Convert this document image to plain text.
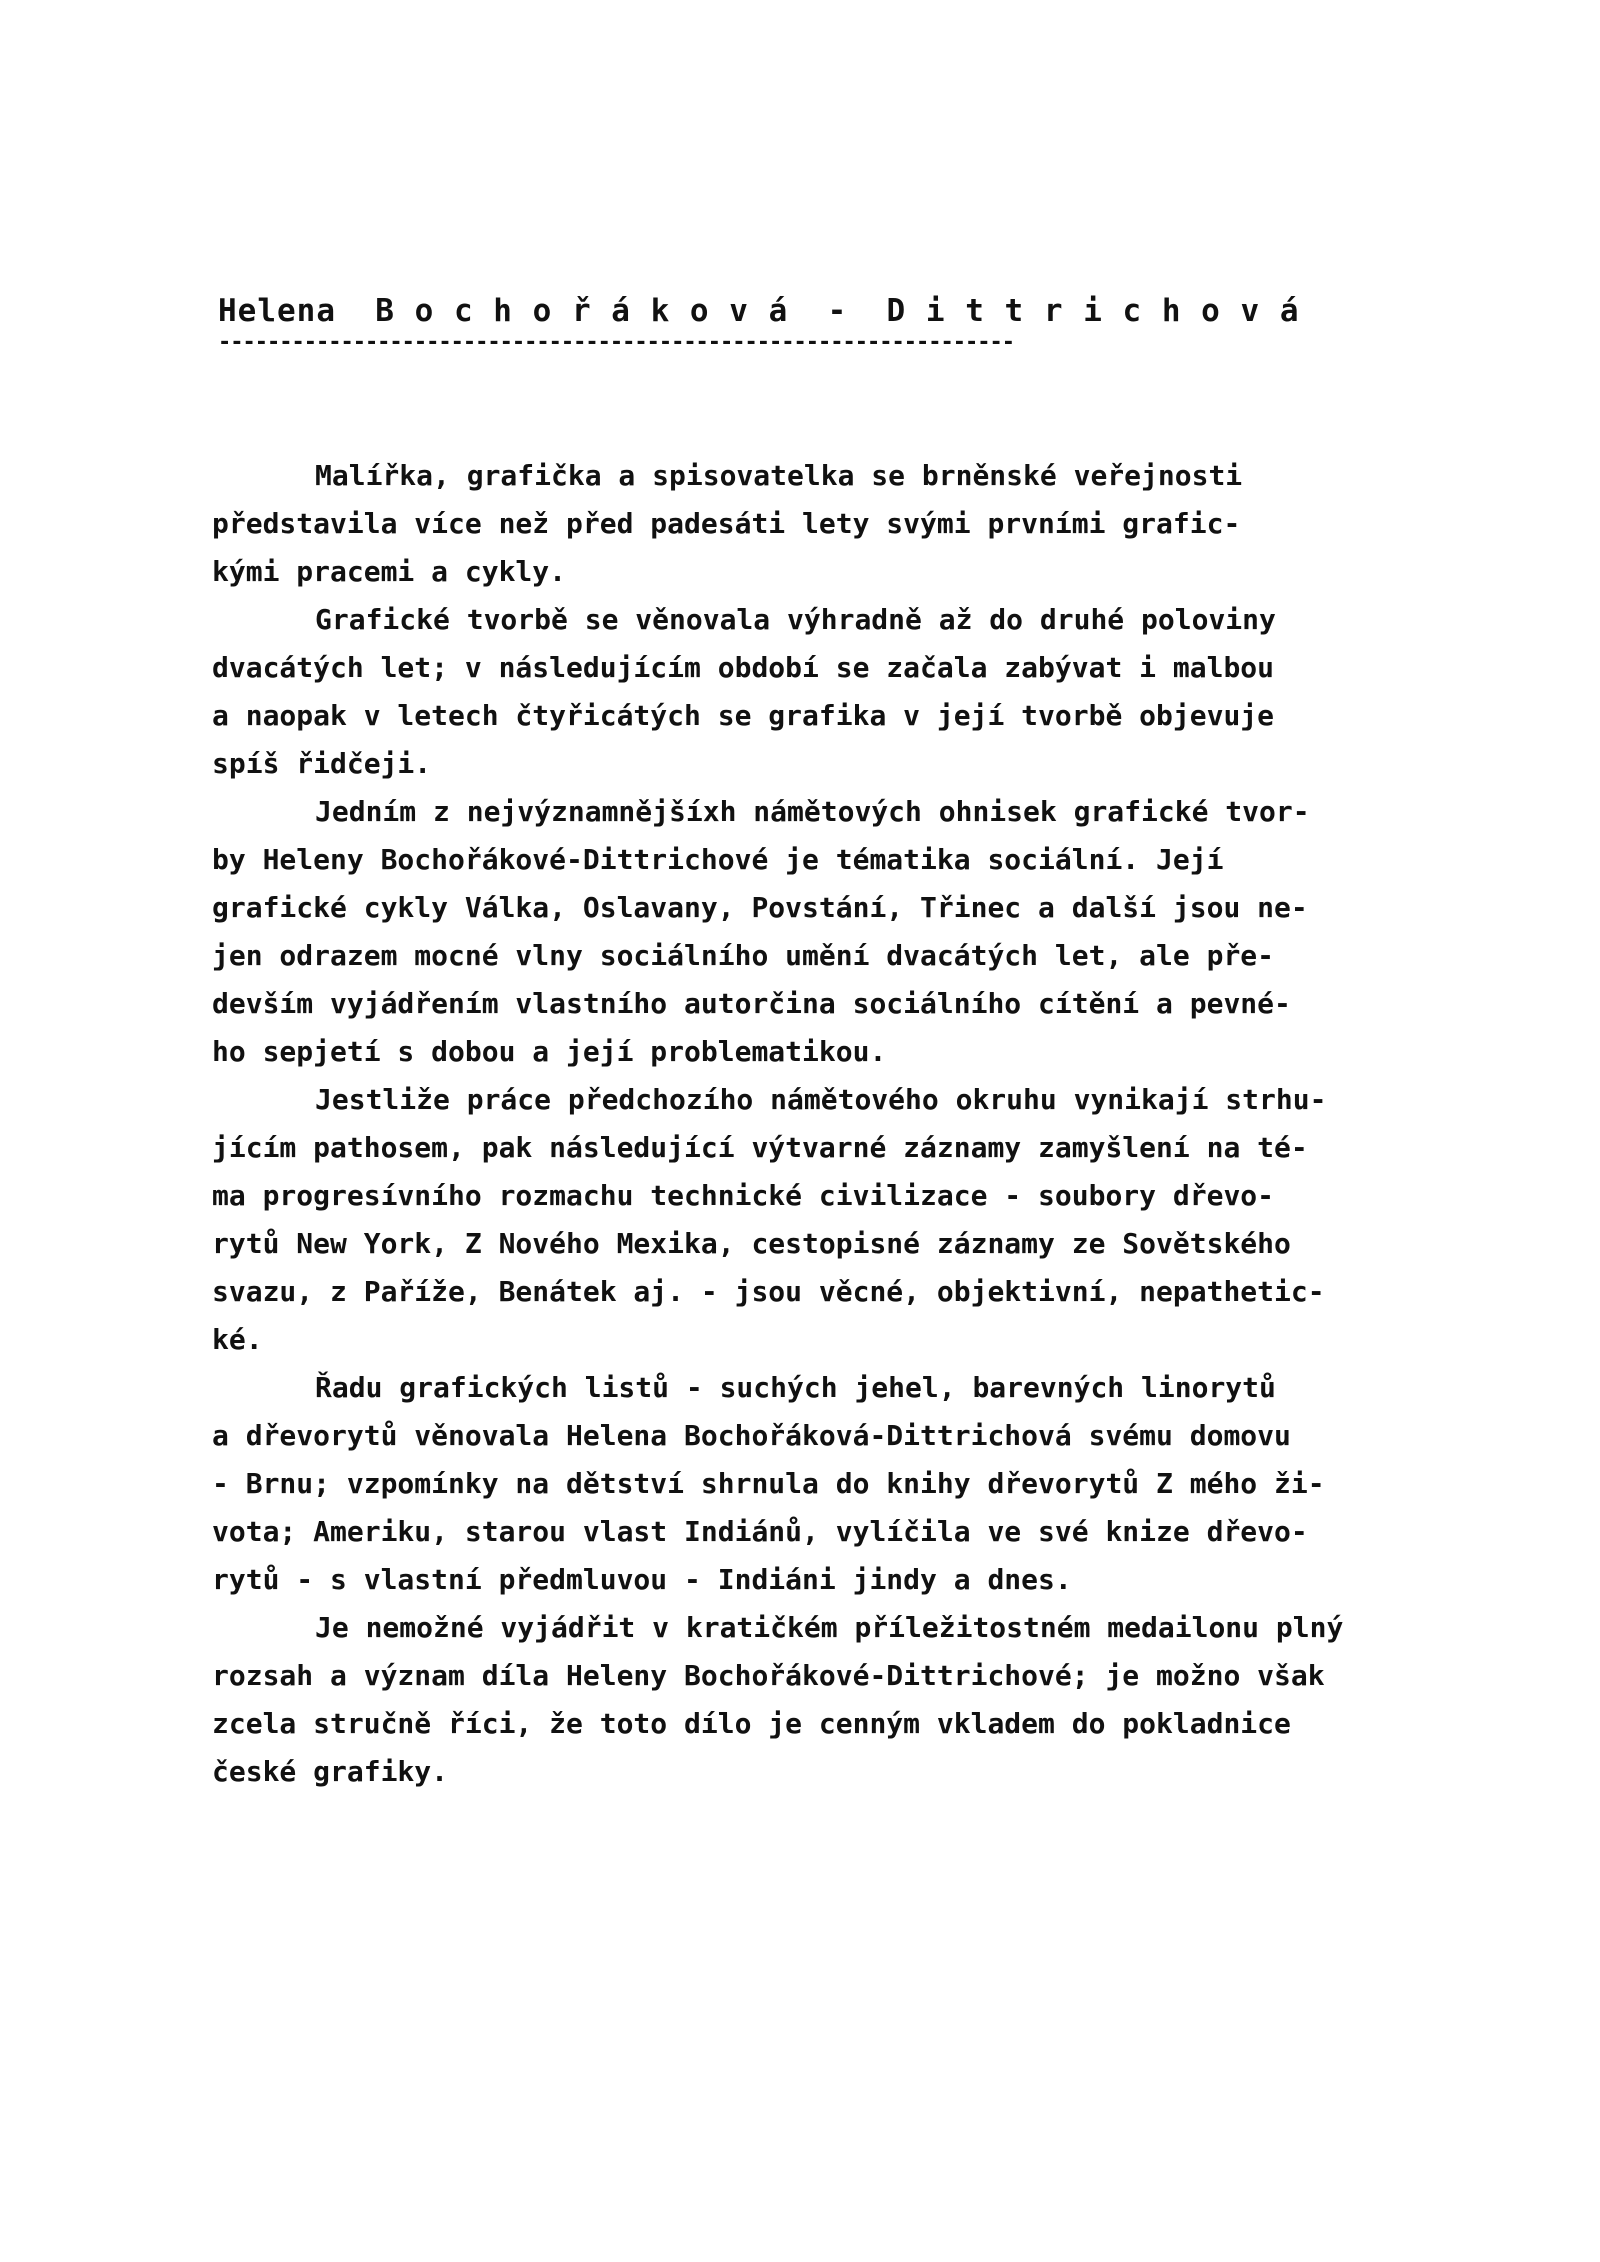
Helena  B o c h o ř á k o v á  -  D i t t r i c h o v á
-----------------------------------------------------------------
Malířka, grafička a spisovatelka se brněnské veřejnosti
představila více než před padesáti lety svými prvními grafic-
kými pracemi a cykly.
Grafické tvorbě se věnovala výhradně až do druhé poloviny
dvacátých let; v následujícím období se začala zabývat i malbou
a naopak v letech čtyřicátých se grafika v její tvorbě objevuje
spíš řidčeji.
Jedním z nejvýznamnějšíxh námětových ohnisek grafické tvor-
by Heleny Bochořákové-Dittrichové je tématika sociální. Její
grafické cykly Válka, Oslavany, Povstání, Třinec a další jsou ne-
jen odrazem mocné vlny sociálního umění dvacátých let, ale pře-
devším vyjádřením vlastního autorčina sociálního cítění a pevné-
ho sepjetí s dobou a její problematikou.
Jestliže práce předchozího námětového okruhu vynikají strhu-
jícím pathosem, pak následující výtvarné záznamy zamyšlení na té-
ma progresívního rozmachu technické civilizace - soubory dřevo-
rytů New York, Z Nového Mexika, cestopisné záznamy ze Sovětského
svazu, z Paříže, Benátek aj. - jsou věcné, objektivní, nepathetic-
ké.
Řadu grafických listů - suchých jehel, barevných linorytů
a dřevorytů věnovala Helena Bochořáková-Dittrichová svému domovu
- Brnu; vzpomínky na dětství shrnula do knihy dřevorytů Z mého ži-
vota; Ameriku, starou vlast Indiánů, vylíčila ve své knize dřevo-
rytů - s vlastní předmluvou - Indiáni jindy a dnes.
Je nemožné vyjádřit v kratičkém příležitostném medailonu plný
rozsah a význam díla Heleny Bochořákové-Dittrichové; je možno však
zcela stručně říci, že toto dílo je cenným vkladem do pokladnice
české grafiky.
